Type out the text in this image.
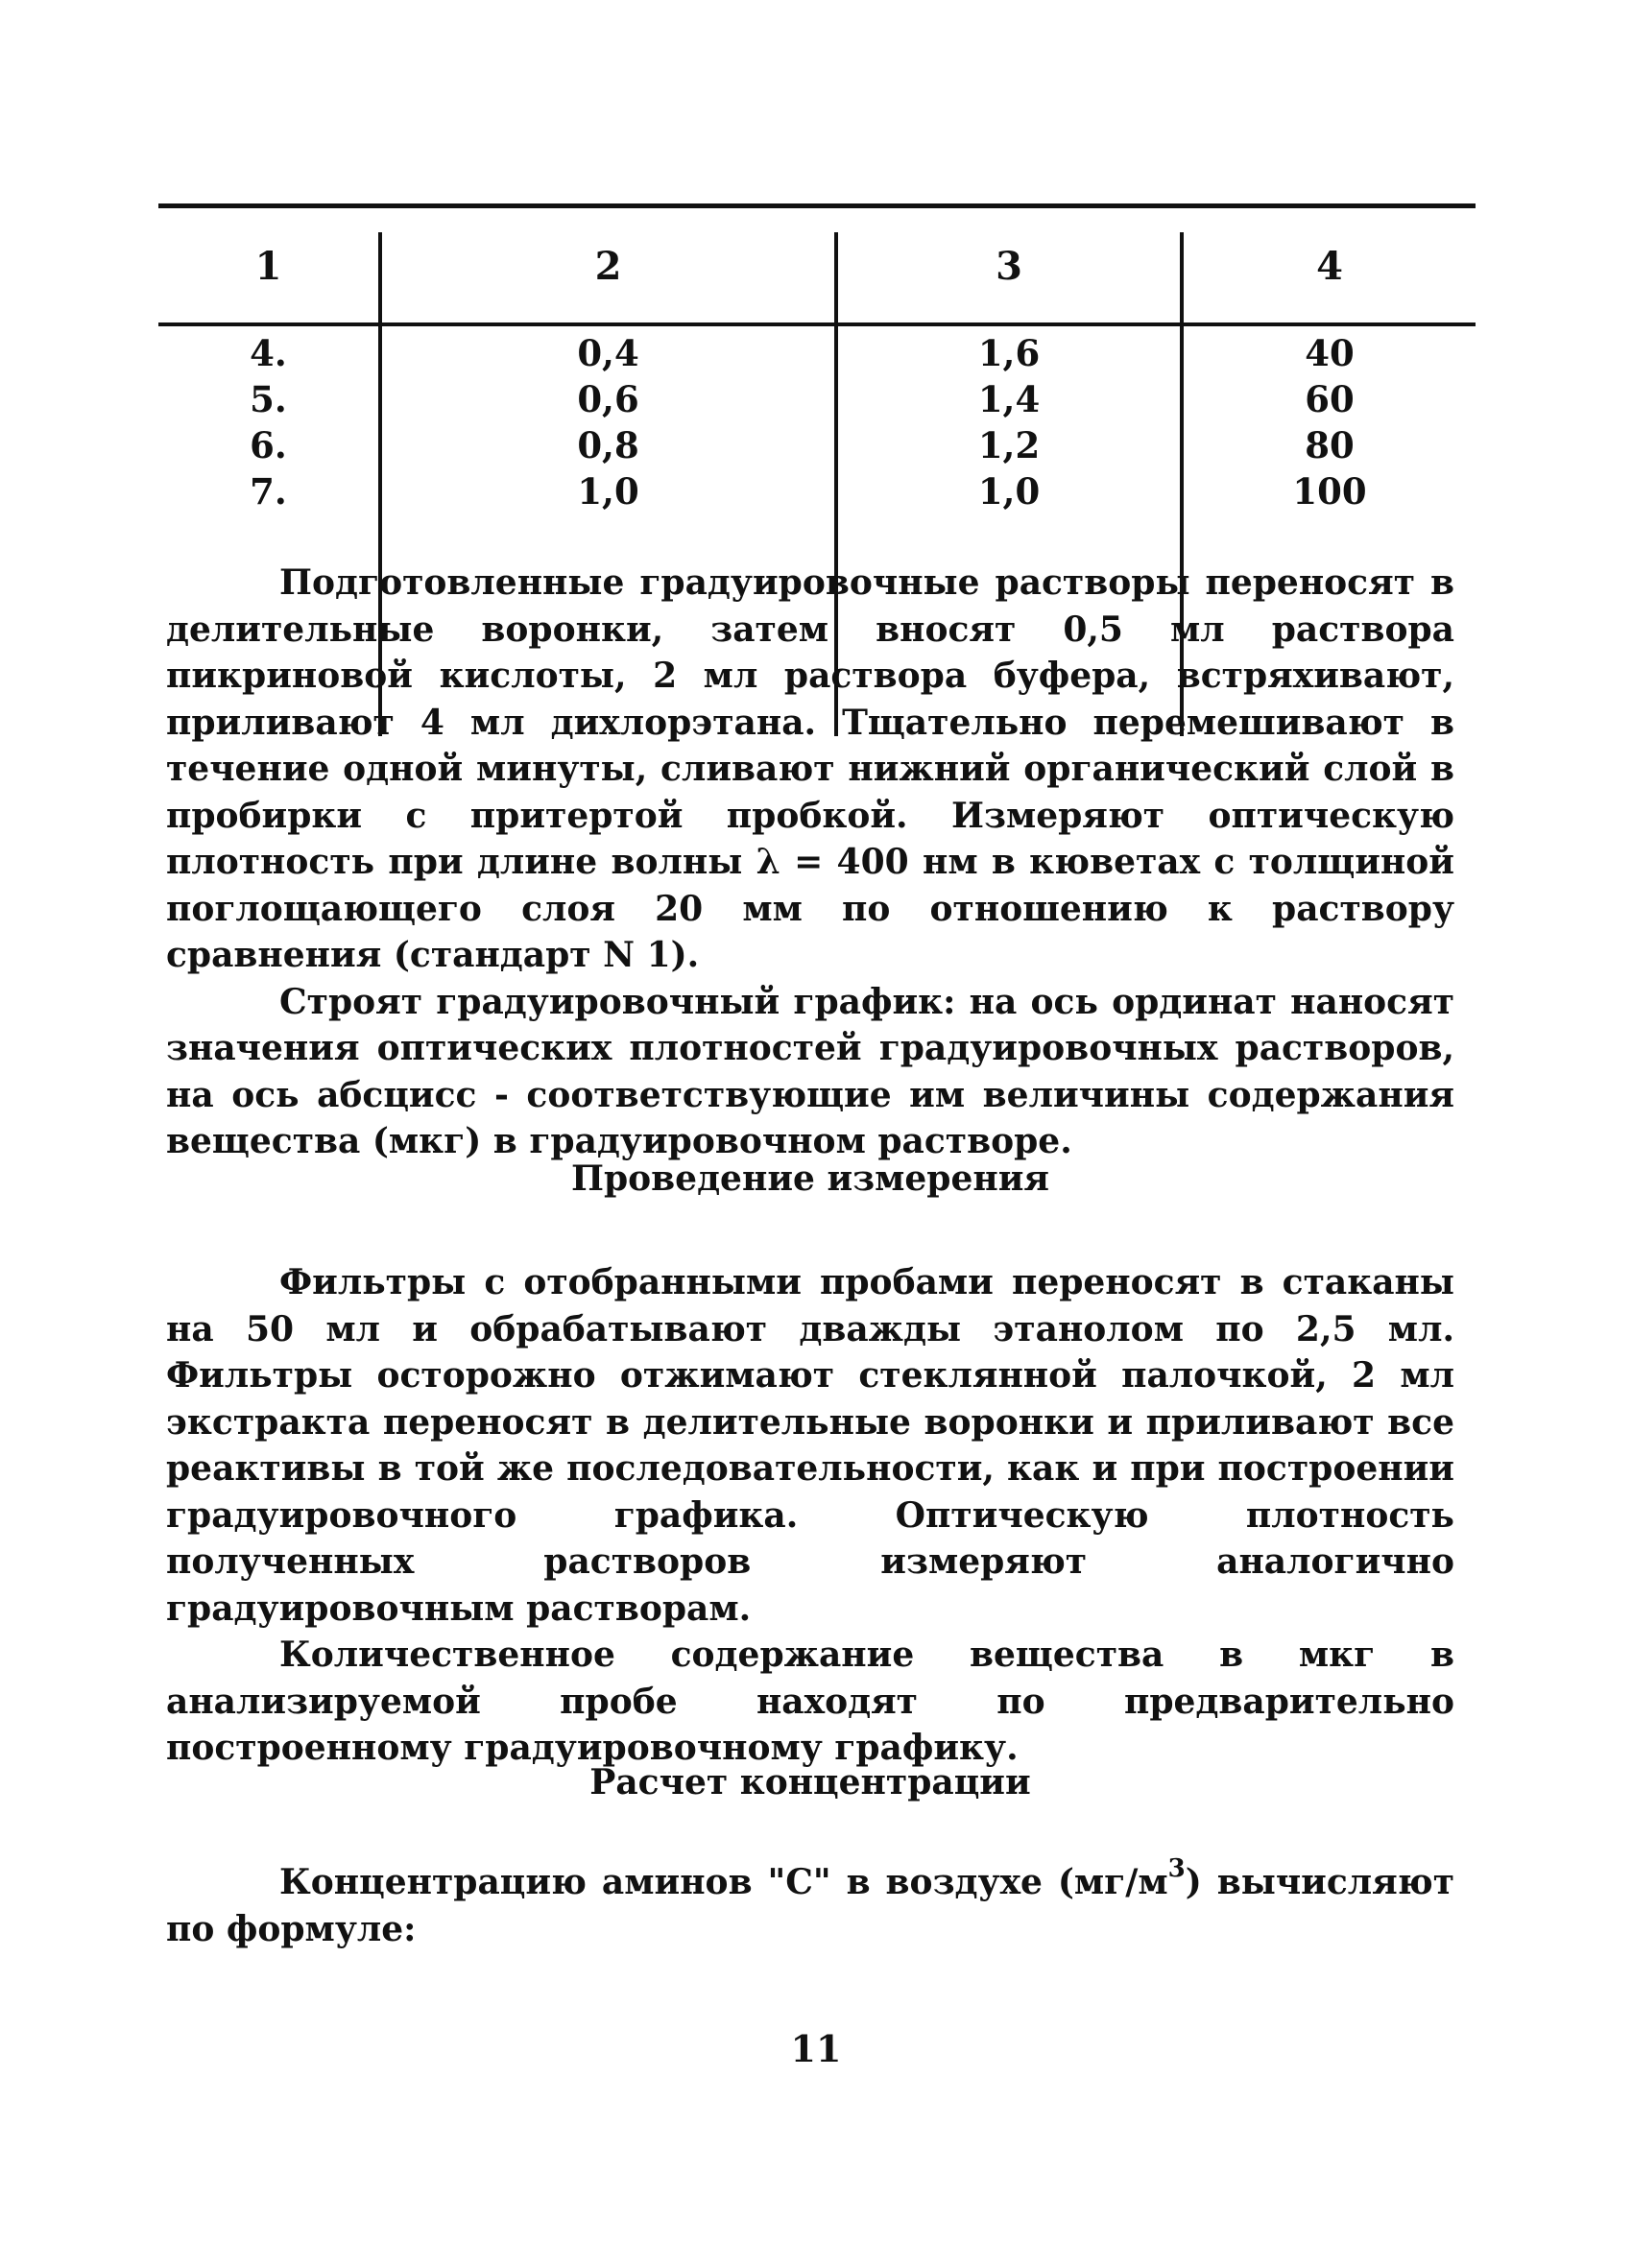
1	2	3	4
4.	0,4	1,6	40
5.	0,6	1,4	60
6.	0,8	1,2	80
7.	1,0	1,0	100

Подготовленные градуировочные растворы переносят в делительные воронки, затем вносят 0,5 мл раствора пикриновой кислоты, 2 мл раствора буфера, встряхивают, приливают 4 мл дихлорэтана. Тщательно перемешивают в течение одной минуты, сливают нижний органический слой в пробирки с притертой пробкой. Измеряют оптическую плотность при длине волны λ = 400 нм в кюветах с толщиной поглощающего слоя 20 мм по отношению к раствору сравнения (стандарт N 1).

Строят градуировочный график: на ось ординат наносят значения оптических плотностей градуировочных растворов, на ось абсцисс - соответствующие им величины содержания вещества (мкг) в градуировочном растворе.

Проведение измерения

Фильтры с отобранными пробами переносят в стаканы на 50 мл и обрабатывают дважды этанолом по 2,5 мл. Фильтры осторожно отжимают стеклянной палочкой, 2 мл экстракта переносят в делительные воронки и приливают все реактивы в той же последовательности, как и при построении градуировочного графика. Оптическую плотность полученных растворов измеряют аналогично градуировочным растворам.

Количественное содержание вещества в мкг в анализируемой пробе находят по предварительно построенному градуировочному графику.

Расчет концентрации

Концентрацию аминов "С" в воздухе $(мг/м^3)$ вычисляют по формуле:

11
